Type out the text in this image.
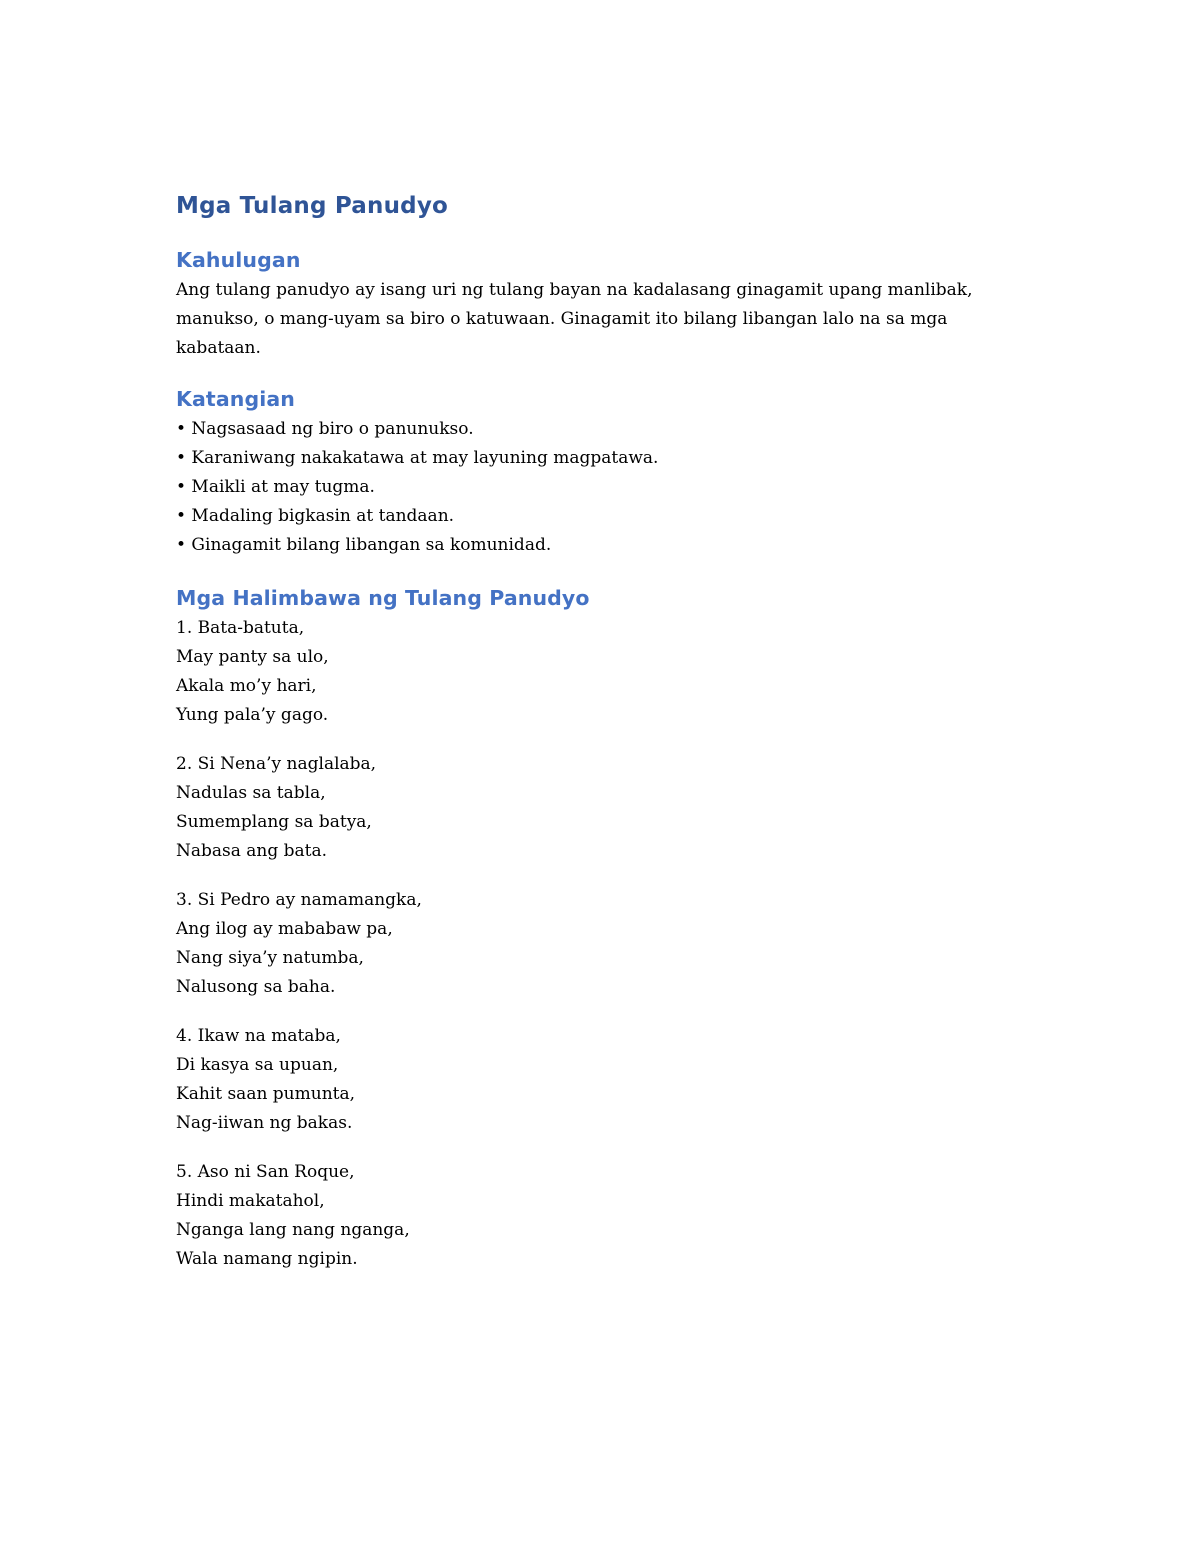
Mga Tulang Panudyo
Kahulugan

Ang tulang panudyo ay isang uri ng tulang bayan na kadalasang ginagamit upang manlibak,

manukso, o mang-uyam sa biro o katuwaan. Ginagamit ito bilang libangan lalo na sa mga

kabataan.

Katangian
• Nagsasaad ng biro o panunukso.
• Karaniwang nakakatawa at may layuning magpatawa.
• Maikli at may tugma.
• Madaling bigkasin at tandaan.
• Ginagamit bilang libangan sa komunidad.
Mga Halimbawa ng Tulang Panudyo
1. Bata-batuta,
May panty sa ulo,
Akala mo’y hari,
Yung pala’y gago.
2. Si Nena’y naglalaba,
Nadulas sa tabla,
Sumemplang sa batya,
Nabasa ang bata.
3. Si Pedro ay namamangka,
Ang ilog ay mababaw pa,
Nang siya’y natumba,
Nalusong sa baha.
4. Ikaw na mataba,
Di kasya sa upuan,
Kahit saan pumunta,
Nag-iiwan ng bakas.
5. Aso ni San Roque,
Hindi makatahol,
Nganga lang nang nganga,
Wala namang ngipin.
